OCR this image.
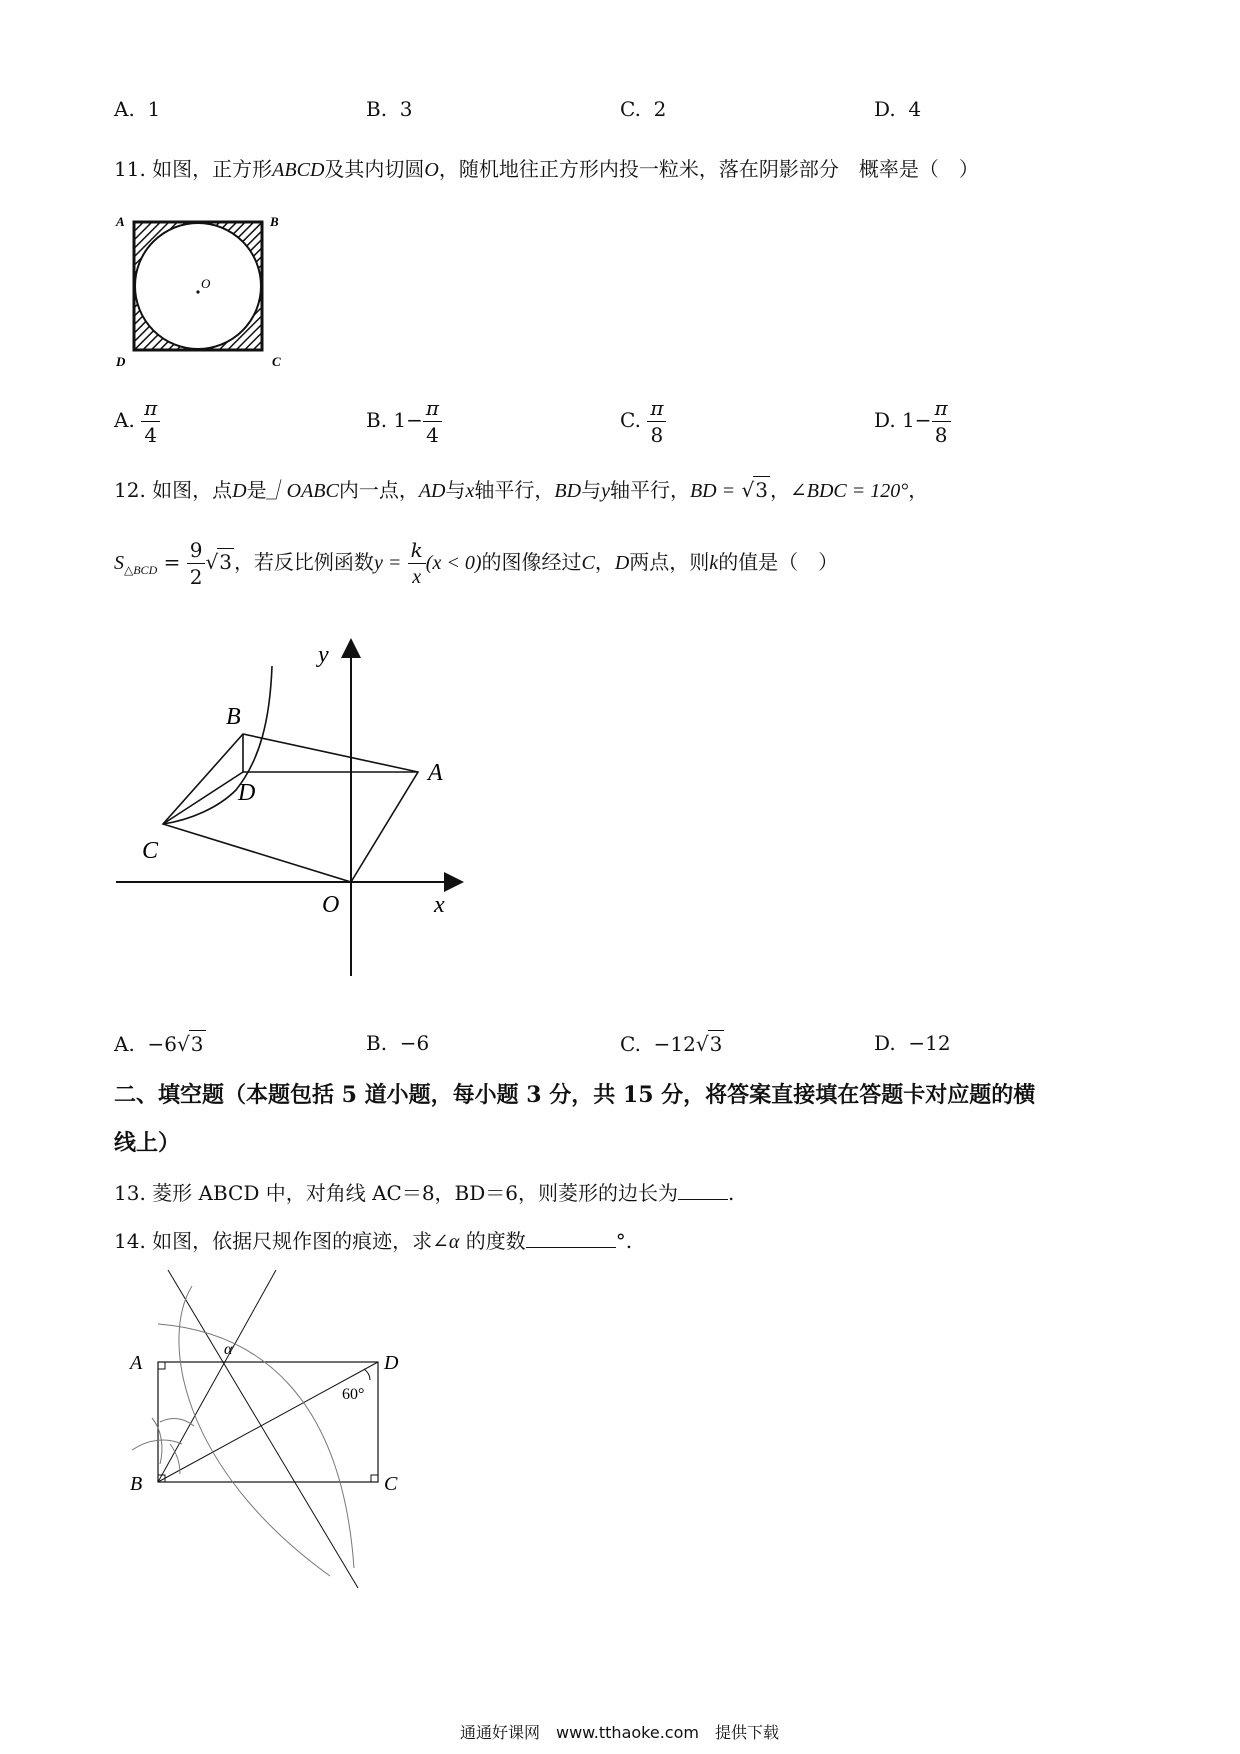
A. 1	B. 3	C. 2	D. 4
11. 如图，正方形ABCD及其内切圆O，随机地往正方形内投一粒米，落在阴影部分　概率是（　）
A	B
D	C
O
A. $\frac{\pi}{4}$	B. $1- \frac{\pi}{4}$	C. $\frac{\pi}{8}$	D. $1- \frac{\pi}{8}$
12. 如图，点D是⏌OABC内一点，AD与x轴平行，BD与y轴平行，BD = √3 ，∠BDC = 120°，
$S_{\triangle BCD} = \frac{9}{2} √3$ ，若反比例函数$y = \frac{k}{x} (x < 0)$的图像经过C，D两点，则k的值是（　）
y
B
A
D
C
O	x
A. −6√3	B. −6	C. −12√3	D. −12
二、填空题（本题包括 5 道小题，每小题 3 分，共 15 分，将答案直接填在答题卡对应题的横
线上）
13. 菱形 ABCD 中，对角线 AC＝8，BD＝6，则菱形的边长为	.
14. 如图，依据尺规作图的痕迹，求∠α 的度数	°.
A	D
B	C
α
60°
通通好课网　www.tthaoke.com　提供下载
